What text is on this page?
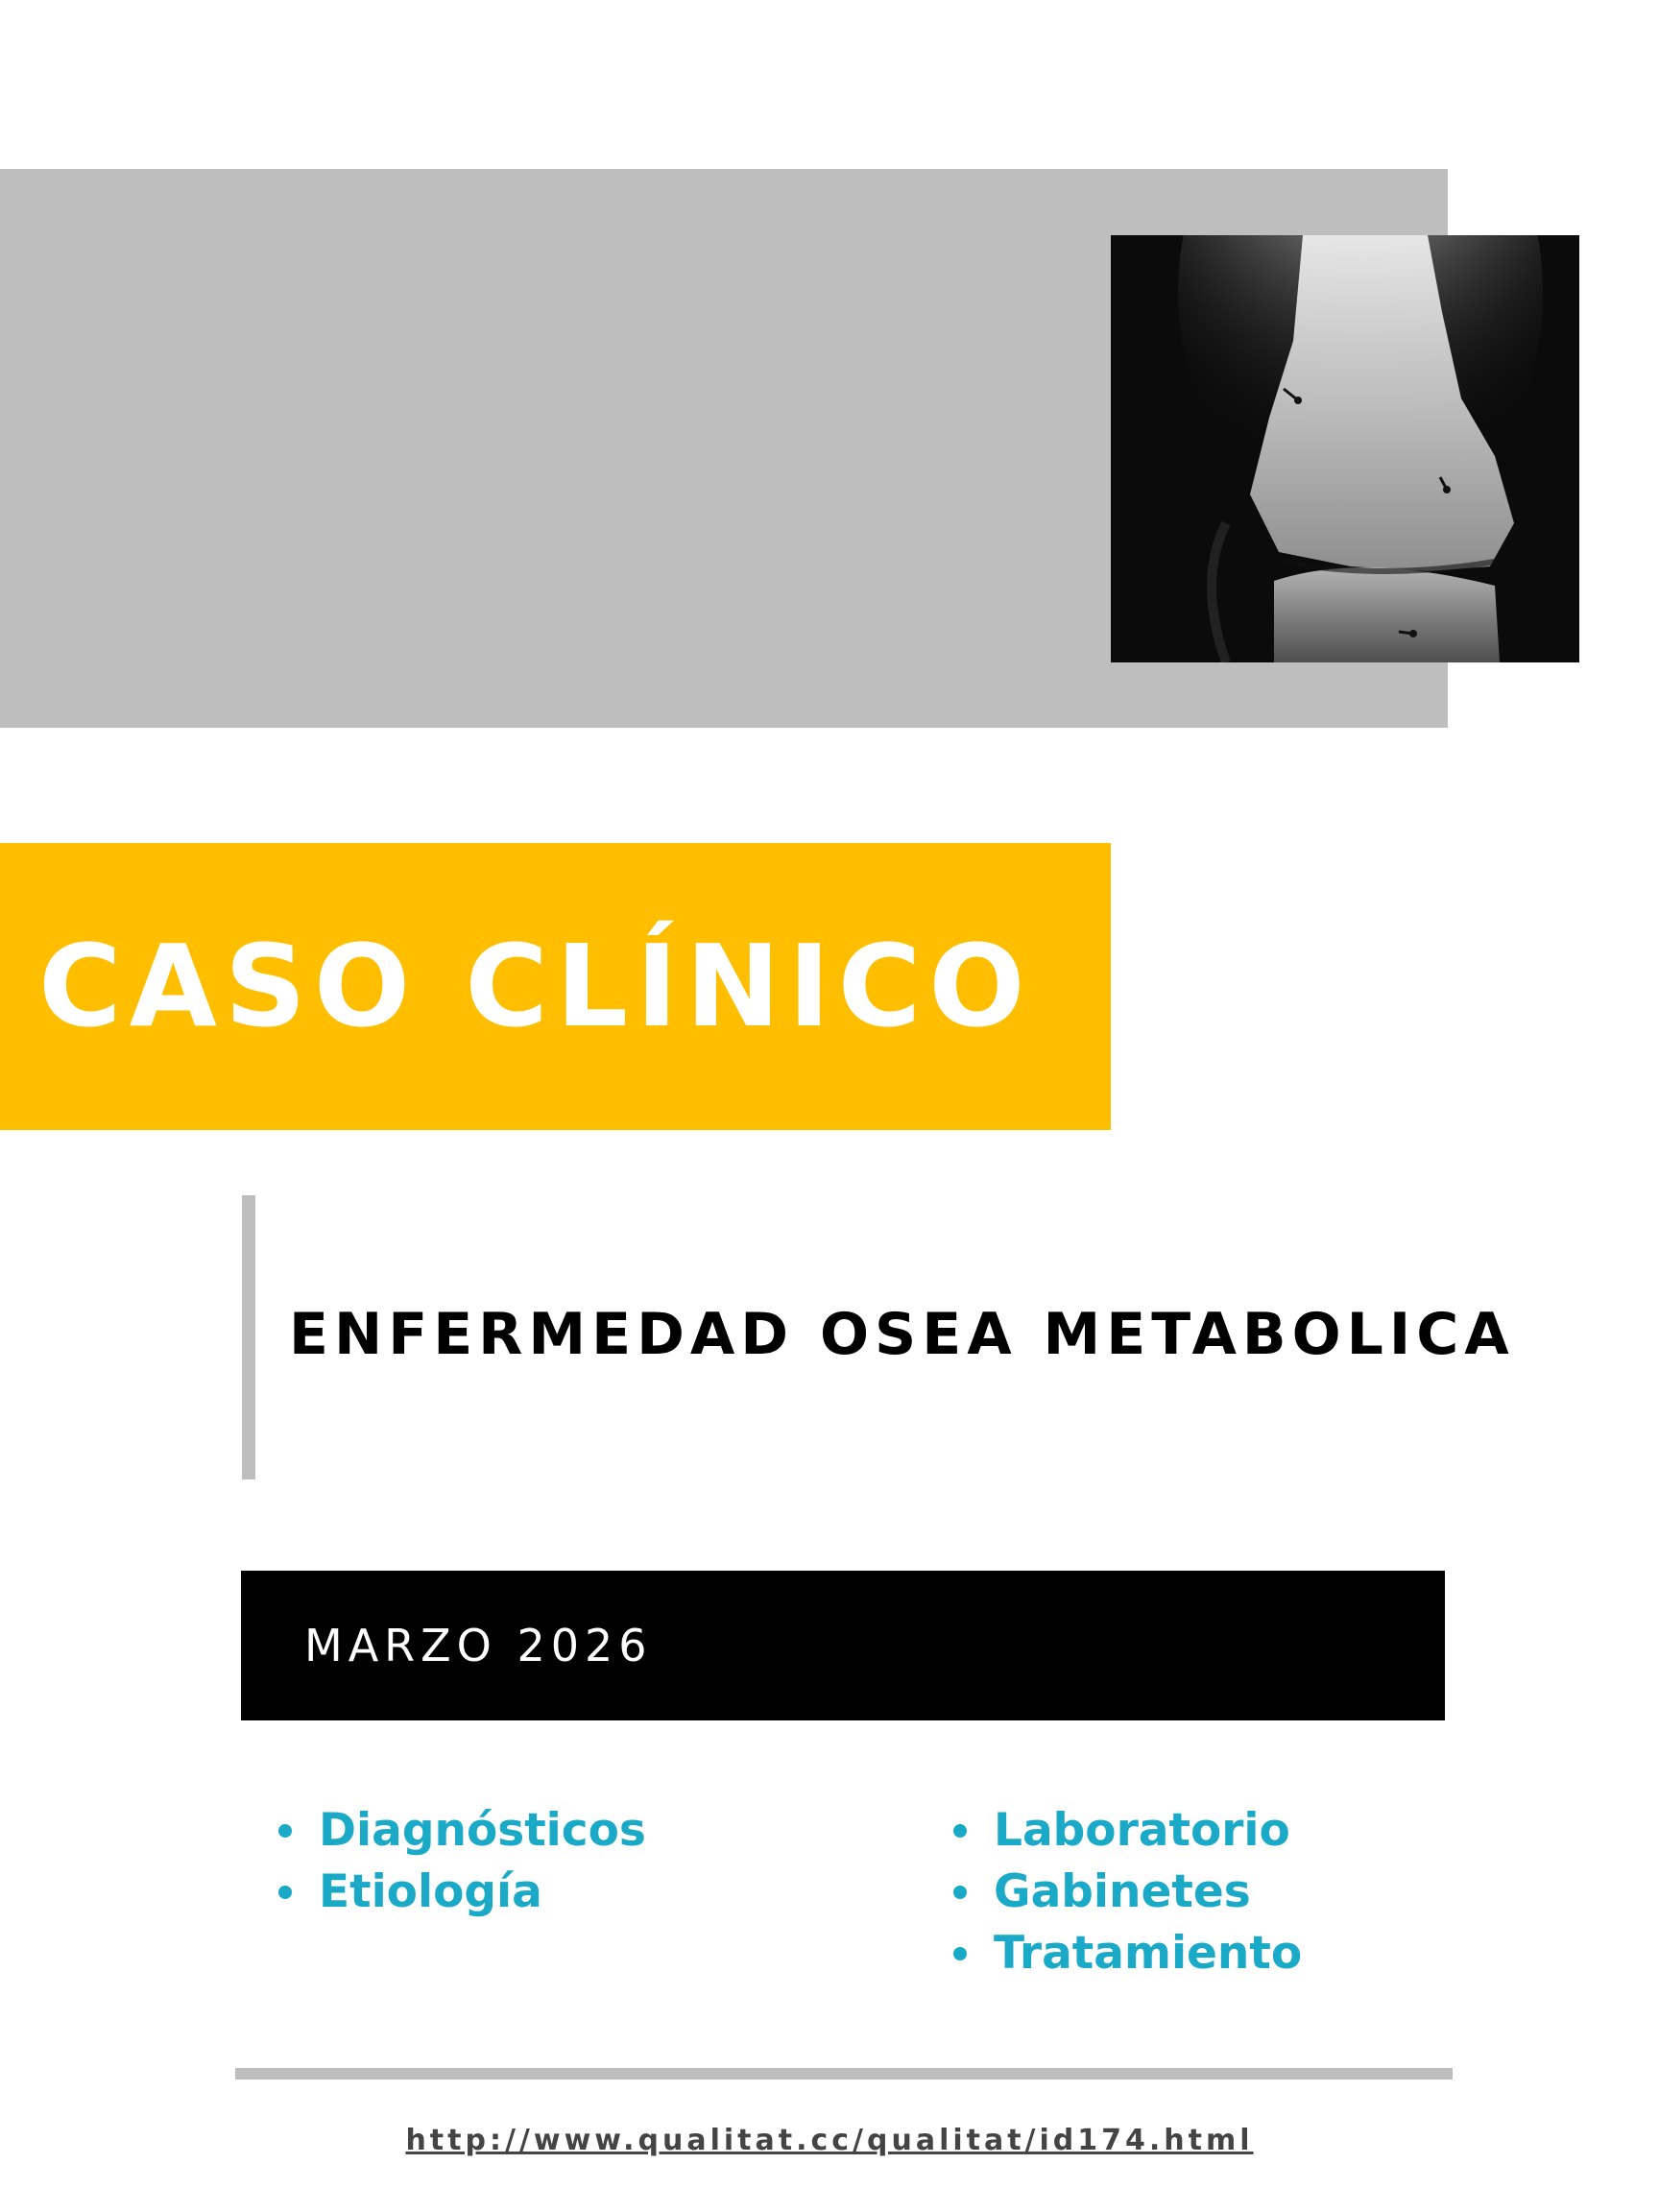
CASO CLÍNICO
ENFERMEDAD OSEA METABOLICA
MARZO 2026
Diagnósticos
Etiología
Laboratorio
Gabinetes
Tratamiento
http://www.qualitat.cc/qualitat/id174.html
